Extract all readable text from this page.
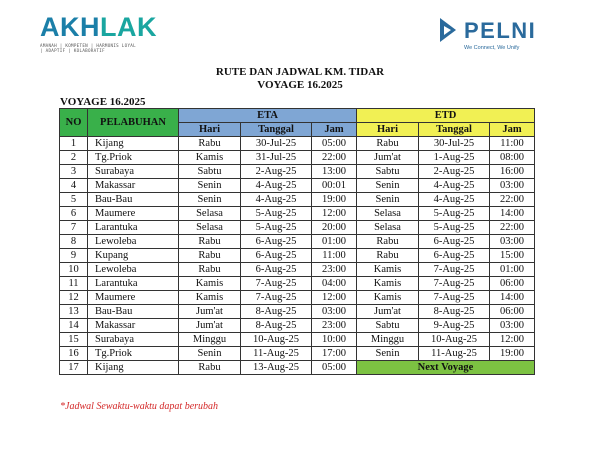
AKHLAK
AMANAH | KOMPETEN | HARMONIS LOYAL | ADAPTIF | KOLABORATIF
PELNI
We Connect, We Unify
RUTE DAN JADWAL KM. TIDAR
VOYAGE 16.2025
VOYAGE 16.2025
NO	PELABUHAN	ETA			ETD		
		Hari	Tanggal	Jam	Hari	Tanggal	Jam
1	Kijang	Rabu	30-Jul-25	05:00	Rabu	30-Jul-25	11:00
2	Tg.Priok	Kamis	31-Jul-25	22:00	Jum'at	1-Aug-25	08:00
3	Surabaya	Sabtu	2-Aug-25	13:00	Sabtu	2-Aug-25	16:00
4	Makassar	Senin	4-Aug-25	00:01	Senin	4-Aug-25	03:00
5	Bau-Bau	Senin	4-Aug-25	19:00	Senin	4-Aug-25	22:00
6	Maumere	Selasa	5-Aug-25	12:00	Selasa	5-Aug-25	14:00
7	Larantuka	Selasa	5-Aug-25	20:00	Selasa	5-Aug-25	22:00
8	Lewoleba	Rabu	6-Aug-25	01:00	Rabu	6-Aug-25	03:00
9	Kupang	Rabu	6-Aug-25	11:00	Rabu	6-Aug-25	15:00
10	Lewoleba	Rabu	6-Aug-25	23:00	Kamis	7-Aug-25	01:00
11	Larantuka	Kamis	7-Aug-25	04:00	Kamis	7-Aug-25	06:00
12	Maumere	Kamis	7-Aug-25	12:00	Kamis	7-Aug-25	14:00
13	Bau-Bau	Jum'at	8-Aug-25	03:00	Jum'at	8-Aug-25	06:00
14	Makassar	Jum'at	8-Aug-25	23:00	Sabtu	9-Aug-25	03:00
15	Surabaya	Minggu	10-Aug-25	10:00	Minggu	10-Aug-25	12:00
16	Tg.Priok	Senin	11-Aug-25	17:00	Senin	11-Aug-25	19:00
17	Kijang	Rabu	13-Aug-25	05:00	Next Voyage		
*Jadwal Sewaktu-waktu dapat berubah
